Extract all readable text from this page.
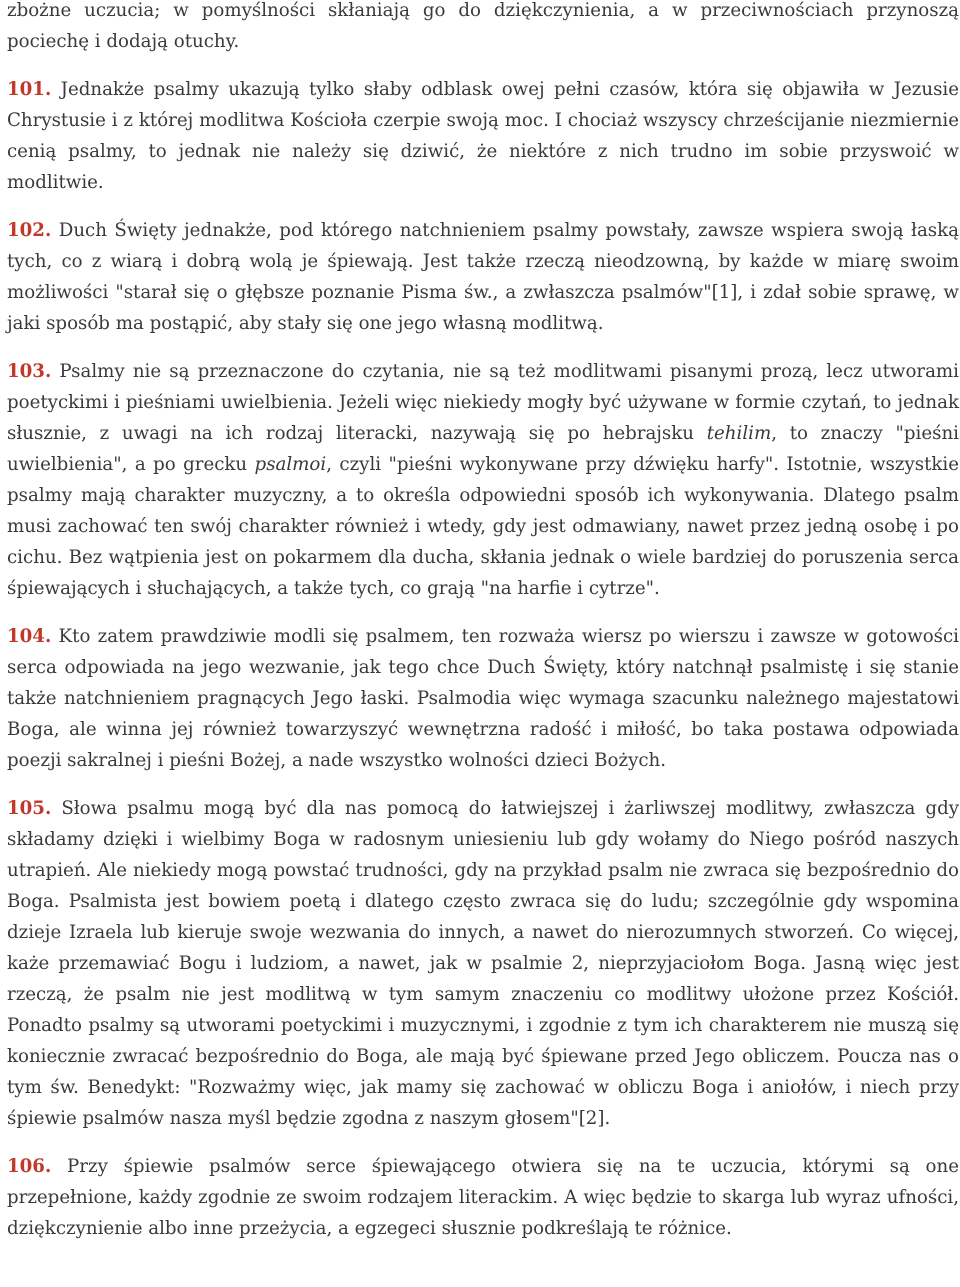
zbożne uczucia; w pomyślności skłaniają go do dziękczynienia, a w przeciwnościach przynoszą pociechę i dodają otuchy.

101. Jednakże psalmy ukazują tylko słaby odblask owej pełni czasów, która się objawiła w Jezusie Chrystusie i z której modlitwa Kościoła czerpie swoją moc. I chociaż wszyscy chrześcijanie niezmiernie cenią psalmy, to jednak nie należy się dziwić, że niektóre z nich trudno im sobie przyswoić w modlitwie.

102. Duch Święty jednakże, pod którego natchnieniem psalmy powstały, zawsze wspiera swoją łaską tych, co z wiarą i dobrą wolą je śpiewają. Jest także rzeczą nieodzowną, by każde w miarę swoim możliwości "starał się o głębsze poznanie Pisma św., a zwłaszcza psalmów"[1], i zdał sobie sprawę, w jaki sposób ma postąpić, aby stały się one jego własną modlitwą.

103. Psalmy nie są przeznaczone do czytania, nie są też modlitwami pisanymi prozą, lecz utworami poetyckimi i pieśniami uwielbienia. Jeżeli więc niekiedy mogły być używane w formie czytań, to jednak słusznie, z uwagi na ich rodzaj literacki, nazywają się po hebrajsku tehilim, to znaczy "pieśni uwielbienia", a po grecku psalmoi, czyli "pieśni wykonywane przy dźwięku harfy". Istotnie, wszystkie psalmy mają charakter muzyczny, a to określa odpowiedni sposób ich wykonywania. Dlatego psalm musi zachować ten swój charakter również i wtedy, gdy jest odmawiany, nawet przez jedną osobę i po cichu. Bez wątpienia jest on pokarmem dla ducha, skłania jednak o wiele bardziej do poruszenia serca śpiewających i słuchających, a także tych, co grają "na harfie i cytrze".

104. Kto zatem prawdziwie modli się psalmem, ten rozważa wiersz po wierszu i zawsze w gotowości serca odpowiada na jego wezwanie, jak tego chce Duch Święty, który natchnął psalmistę i się stanie także natchnieniem pragnących Jego łaski. Psalmodia więc wymaga szacunku należnego majestatowi Boga, ale winna jej również towarzyszyć wewnętrzna radość i miłość, bo taka postawa odpowiada poezji sakralnej i pieśni Bożej, a nade wszystko wolności dzieci Bożych.

105. Słowa psalmu mogą być dla nas pomocą do łatwiejszej i żarliwszej modlitwy, zwłaszcza gdy składamy dzięki i wielbimy Boga w radosnym uniesieniu lub gdy wołamy do Niego pośród naszych utrapień. Ale niekiedy mogą powstać trudności, gdy na przykład psalm nie zwraca się bezpośrednio do Boga. Psalmista jest bowiem poetą i dlatego często zwraca się do ludu; szczególnie gdy wspomina dzieje Izraela lub kieruje swoje wezwania do innych, a nawet do nierozumnych stworzeń. Co więcej, każe przemawiać Bogu i ludziom, a nawet, jak w psalmie 2, nieprzyjaciołom Boga. Jasną więc jest rzeczą, że psalm nie jest modlitwą w tym samym znaczeniu co modlitwy ułożone przez Kościół. Ponadto psalmy są utworami poetyckimi i muzycznymi, i zgodnie z tym ich charakterem nie muszą się koniecznie zwracać bezpośrednio do Boga, ale mają być śpiewane przed Jego obliczem. Poucza nas o tym św. Benedykt: "Rozważmy więc, jak mamy się zachować w obliczu Boga i aniołów, i niech przy śpiewie psalmów nasza myśl będzie zgodna z naszym głosem"[2].

106. Przy śpiewie psalmów serce śpiewającego otwiera się na te uczucia, którymi są one przepełnione, każdy zgodnie ze swoim rodzajem literackim. A więc będzie to skarga lub wyraz ufności, dziękczynienie albo inne przeżycia, a egzegeci słusznie podkreślają te różnice.
